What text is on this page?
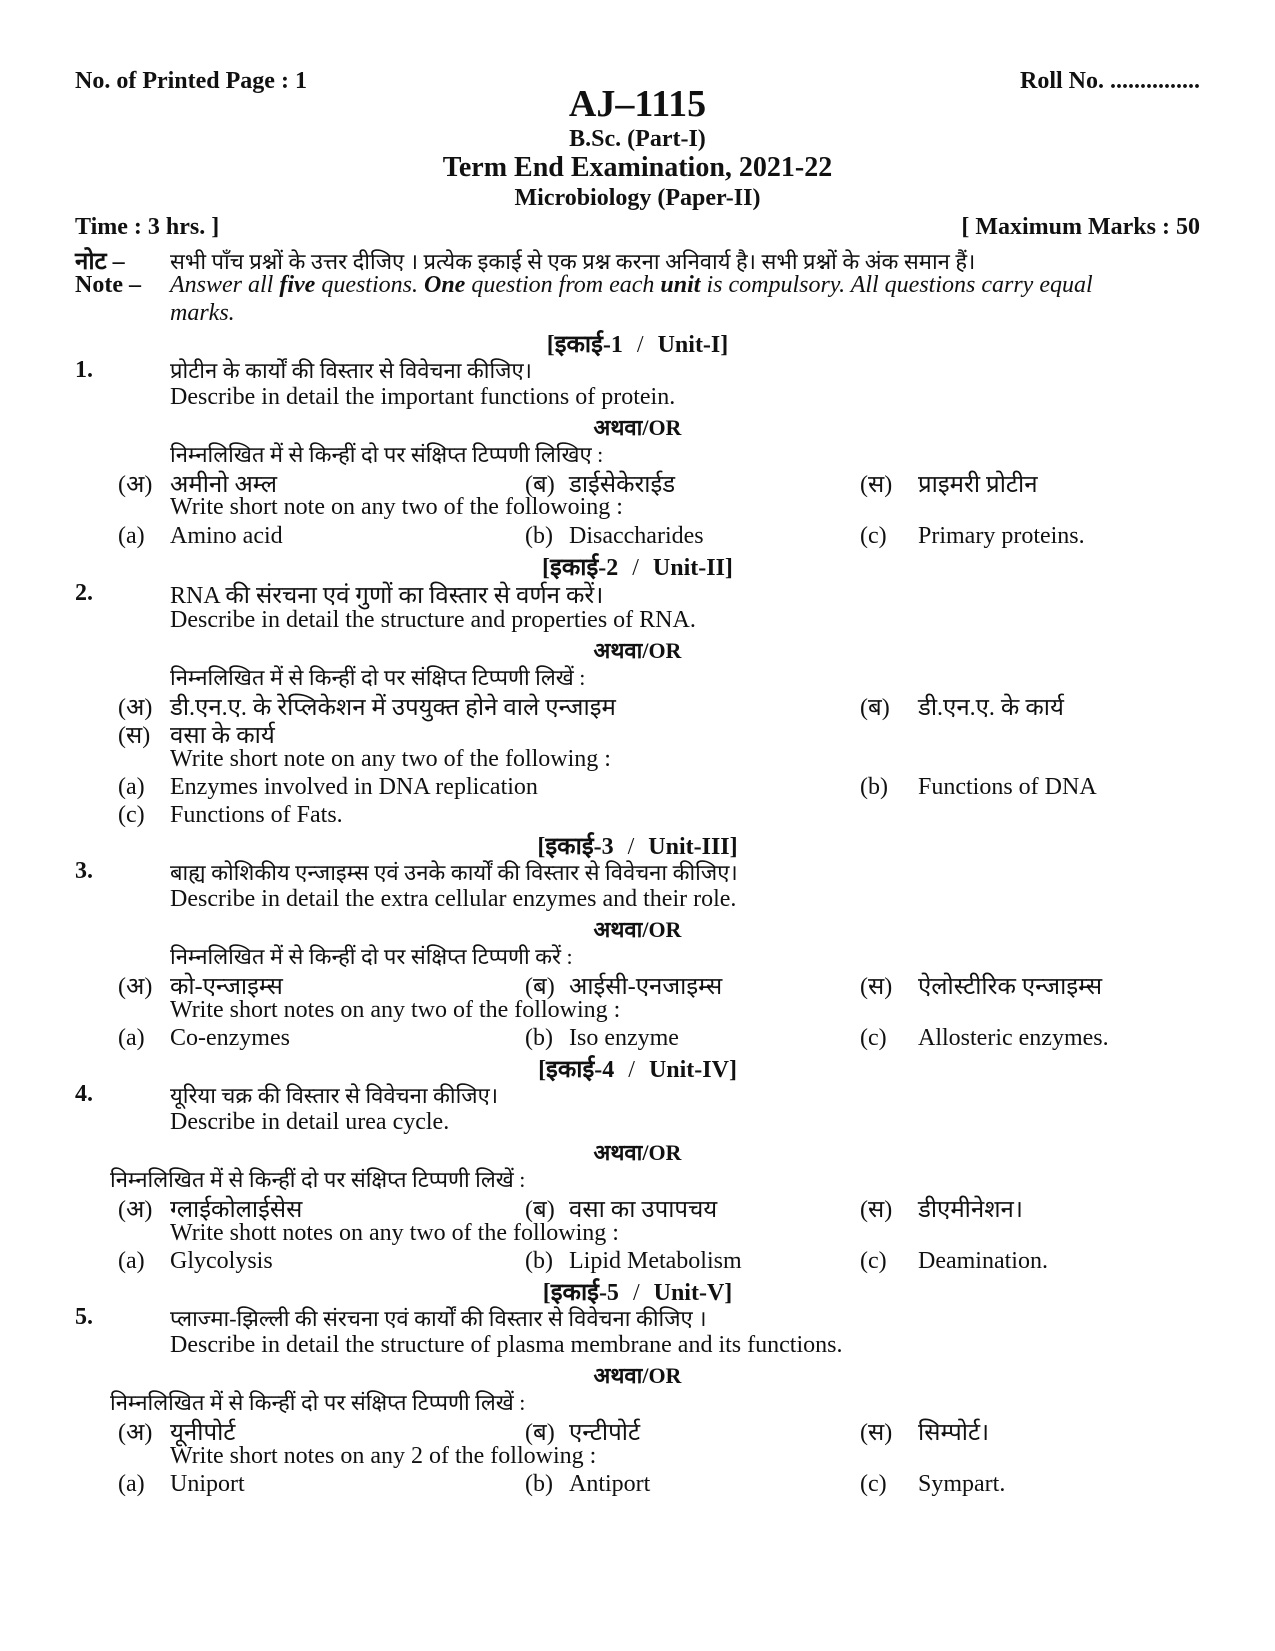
No. of Printed Page : 1	Roll No. ...............
AJ–1115
B.Sc. (Part-I)
Term End Examination, 2021-22
Microbiology (Paper-II)
Time : 3 hrs. ]	[ Maximum Marks : 50
नोट – सभी पाँच प्रश्नों के उत्तर दीजिए । प्रत्येक इकाई से एक प्रश्न करना अनिवार्य है। सभी प्रश्नों के अंक समान हैं।
Note – Answer all five questions. One question from each unit is compulsory. All questions carry equal
marks.
[इकाई-1 / Unit-I]
1.	प्रोटीन के कार्यों की विस्तार से विवेचना कीजिए।
Describe in detail the important functions of protein.
अथवा/OR
निम्नलिखित में से किन्हीं दो पर संक्षिप्त टिप्पणी लिखिए :
(अ) अमीनो अम्ल	(ब) डाईसेकेराईड	(स) प्राइमरी प्रोटीन
Write short note on any two of the followoing :
(a) Amino acid	(b) Disaccharides	(c) Primary proteins.
[इकाई-2 / Unit-II]
2.	RNA की संरचना एवं गुणों का विस्तार से वर्णन करें।
Describe in detail the structure and properties of RNA.
अथवा/OR
निम्नलिखित में से किन्हीं दो पर संक्षिप्त टिप्पणी लिखें :
(अ) डी.एन.ए. के रेप्लिकेशन में उपयुक्त होने वाले एन्जाइम	(ब) डी.एन.ए. के कार्य
(स) वसा के कार्य
Write short note on any two of the following :
(a) Enzymes involved in DNA replication	(b) Functions of DNA
(c) Functions of Fats.
[इकाई-3 / Unit-III]
3.	बाह्य कोशिकीय एन्जाइम्स एवं उनके कार्यों की विस्तार से विवेचना कीजिए।
Describe in detail the extra cellular enzymes and their role.
अथवा/OR
निम्नलिखित में से किन्हीं दो पर संक्षिप्त टिप्पणी करें :
(अ) को-एन्जाइम्स	(ब) आईसी-एनजाइम्स	(स) ऐलोस्टीरिक एन्जाइम्स
Write short notes on any two of the following :
(a) Co-enzymes	(b) Iso enzyme	(c) Allosteric enzymes.
[इकाई-4 / Unit-IV]
4.	यूरिया चक्र की विस्तार से विवेचना कीजिए।
Describe in detail urea cycle.
अथवा/OR
निम्नलिखित में से किन्हीं दो पर संक्षिप्त टिप्पणी लिखें :
(अ) ग्लाईकोलाईसेस	(ब) वसा का उपापचय	(स) डीएमीनेशन।
Write shott notes on any two of the following :
(a) Glycolysis	(b) Lipid Metabolism	(c) Deamination.
[इकाई-5 / Unit-V]
5.	प्लाज्मा-झिल्ली की संरचना एवं कार्यों की विस्तार से विवेचना कीजिए ।
Describe in detail the structure of plasma membrane and its functions.
अथवा/OR
निम्नलिखित में से किन्हीं दो पर संक्षिप्त टिप्पणी लिखें :
(अ) यूनीपोर्ट	(ब) एन्टीपोर्ट	(स) सिम्पोर्ट।
Write short notes on any 2 of the following :
(a) Uniport	(b) Antiport	(c) Sympart.
